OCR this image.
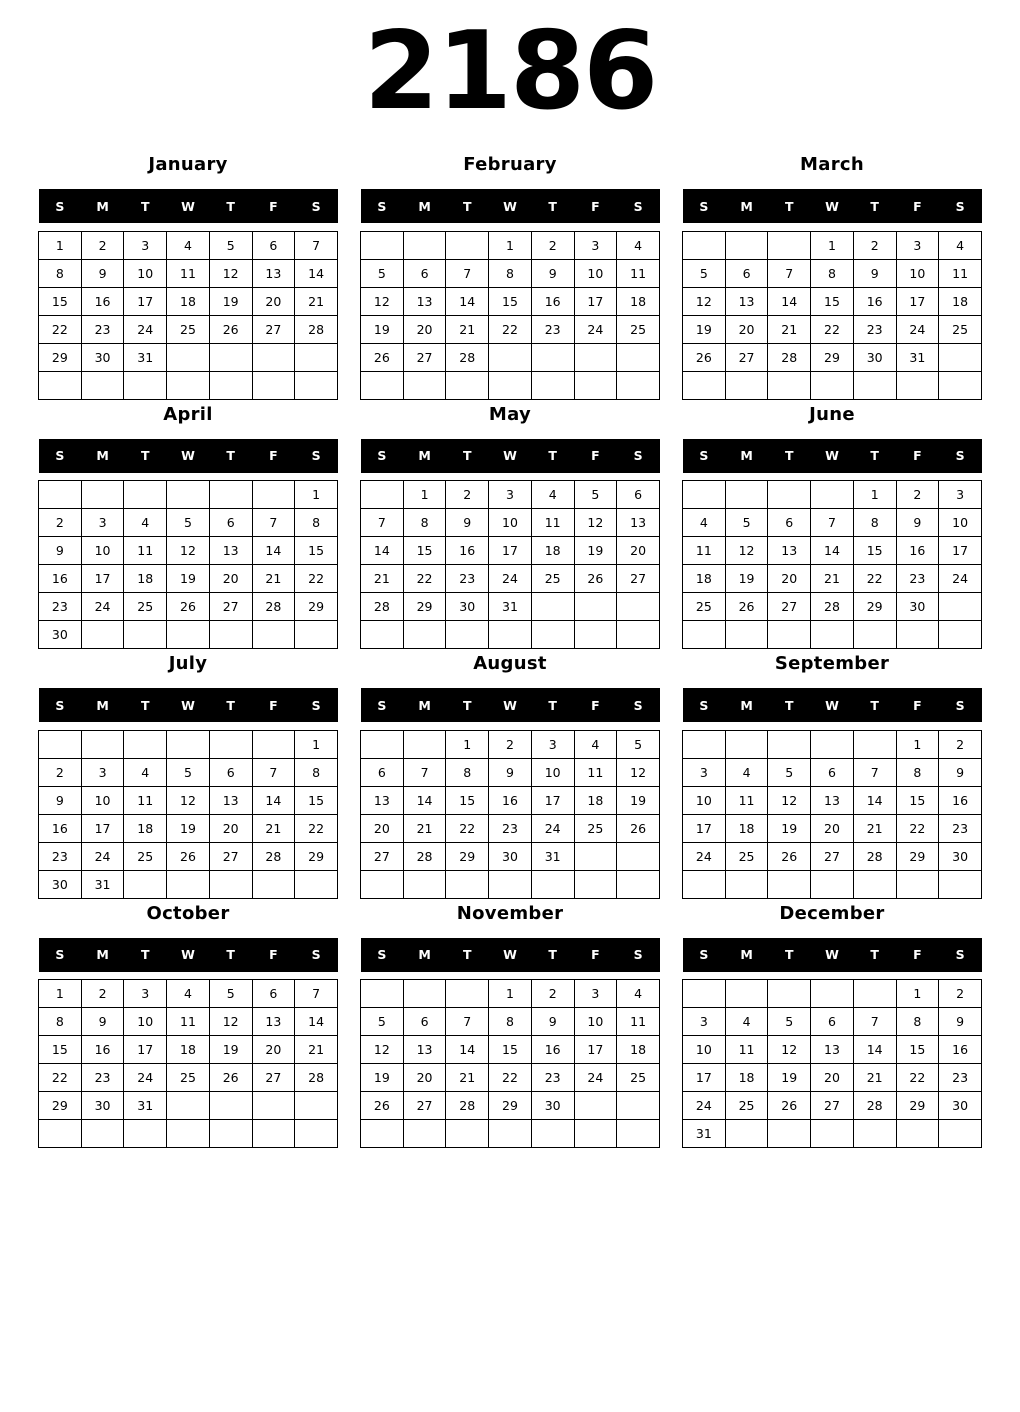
2186
January
S	M	T	W	T	F	S

1	2	3	4	5	6	7
8	9	10	11	12	13	14
15	16	17	18	19	20	21
22	23	24	25	26	27	28
29	30	31				

February
S	M	T	W	T	F	S

			1	2	3	4
5	6	7	8	9	10	11
12	13	14	15	16	17	18
19	20	21	22	23	24	25
26	27	28				

March
S	M	T	W	T	F	S

			1	2	3	4
5	6	7	8	9	10	11
12	13	14	15	16	17	18
19	20	21	22	23	24	25
26	27	28	29	30	31	

April
S	M	T	W	T	F	S

						1
2	3	4	5	6	7	8
9	10	11	12	13	14	15
16	17	18	19	20	21	22
23	24	25	26	27	28	29
30						
May
S	M	T	W	T	F	S

	1	2	3	4	5	6
7	8	9	10	11	12	13
14	15	16	17	18	19	20
21	22	23	24	25	26	27
28	29	30	31			

June
S	M	T	W	T	F	S

				1	2	3
4	5	6	7	8	9	10
11	12	13	14	15	16	17
18	19	20	21	22	23	24
25	26	27	28	29	30	

July
S	M	T	W	T	F	S

						1
2	3	4	5	6	7	8
9	10	11	12	13	14	15
16	17	18	19	20	21	22
23	24	25	26	27	28	29
30	31					
August
S	M	T	W	T	F	S

		1	2	3	4	5
6	7	8	9	10	11	12
13	14	15	16	17	18	19
20	21	22	23	24	25	26
27	28	29	30	31		

September
S	M	T	W	T	F	S

					1	2
3	4	5	6	7	8	9
10	11	12	13	14	15	16
17	18	19	20	21	22	23
24	25	26	27	28	29	30

October
S	M	T	W	T	F	S

1	2	3	4	5	6	7
8	9	10	11	12	13	14
15	16	17	18	19	20	21
22	23	24	25	26	27	28
29	30	31				

November
S	M	T	W	T	F	S

			1	2	3	4
5	6	7	8	9	10	11
12	13	14	15	16	17	18
19	20	21	22	23	24	25
26	27	28	29	30		

December
S	M	T	W	T	F	S

					1	2
3	4	5	6	7	8	9
10	11	12	13	14	15	16
17	18	19	20	21	22	23
24	25	26	27	28	29	30
31						
